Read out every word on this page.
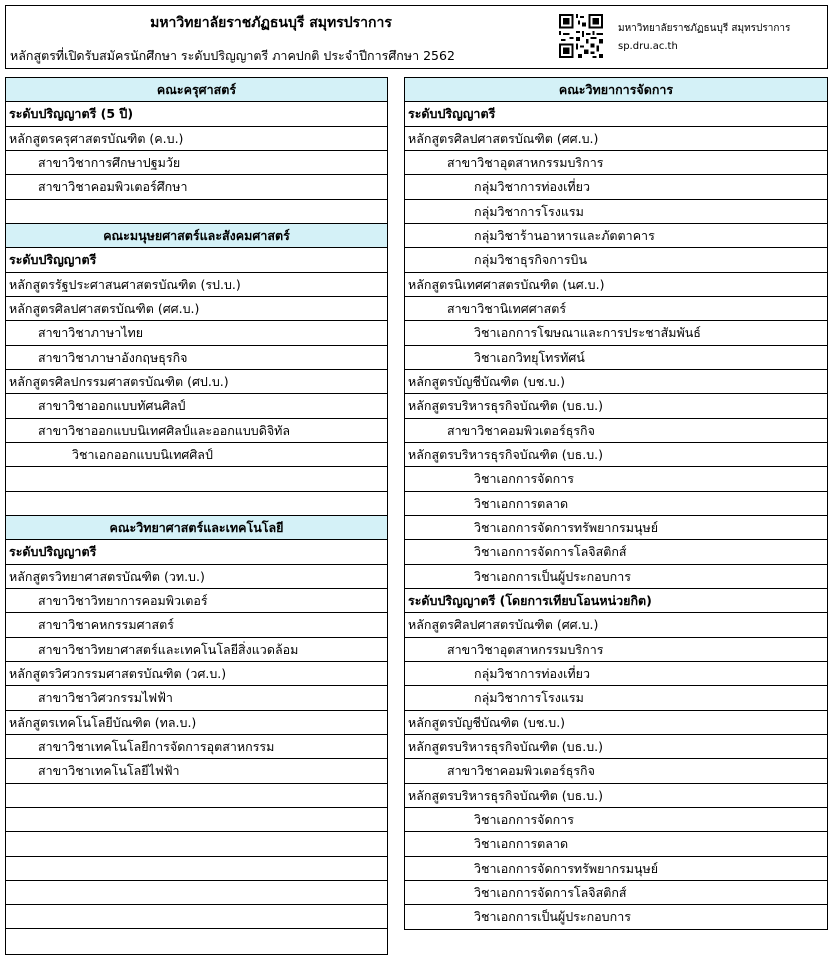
มหาวิทยาลัยราชภัฏธนบุรี สมุทรปราการ
หลักสูตรที่เปิดรับสมัครนักศึกษา ระดับปริญญาตรี ภาคปกติ ประจำปีการศึกษา 2562
มหาวิทยาลัยราชภัฏธนบุรี สมุทรปราการ
sp.dru.ac.th
คณะครุศาสตร์
ระดับปริญญาตรี (5 ปี)
หลักสูตรครุศาสตรบัณฑิต (ค.บ.)
สาขาวิชาการศึกษาปฐมวัย
สาขาวิชาคอมพิวเตอร์ศึกษา
คณะมนุษยศาสตร์และสังคมศาสตร์
ระดับปริญญาตรี
หลักสูตรรัฐประศาสนศาสตรบัณฑิต (รป.บ.)
หลักสูตรศิลปศาสตรบัณฑิต (ศศ.บ.)
สาขาวิชาภาษาไทย
สาขาวิชาภาษาอังกฤษธุรกิจ
หลักสูตรศิลปกรรมศาสตรบัณฑิต (ศป.บ.)
สาขาวิชาออกแบบทัศนศิลป์
สาขาวิชาออกแบบนิเทศศิลป์และออกแบบดิจิทัล
วิชาเอกออกแบบนิเทศศิลป์
คณะวิทยาศาสตร์และเทคโนโลยี
ระดับปริญญาตรี
หลักสูตรวิทยาศาสตรบัณฑิต (วท.บ.)
สาขาวิชาวิทยาการคอมพิวเตอร์
สาขาวิชาคหกรรมศาสตร์
สาขาวิชาวิทยาศาสตร์และเทคโนโลยีสิ่งแวดล้อม
หลักสูตรวิศวกรรมศาสตรบัณฑิต (วศ.บ.)
สาขาวิชาวิศวกรรมไฟฟ้า
หลักสูตรเทคโนโลยีบัณฑิต (ทล.บ.)
สาขาวิชาเทคโนโลยีการจัดการอุตสาหกรรม
สาขาวิชาเทคโนโลยีไฟฟ้า
คณะวิทยาการจัดการ
ระดับปริญญาตรี
หลักสูตรศิลปศาสตรบัณฑิต (ศศ.บ.)
สาขาวิชาอุตสาหกรรมบริการ
กลุ่มวิชาการท่องเที่ยว
กลุ่มวิชาการโรงแรม
กลุ่มวิชาร้านอาหารและภัตตาคาร
กลุ่มวิชาธุรกิจการบิน
หลักสูตรนิเทศศาสตรบัณฑิต (นศ.บ.)
สาขาวิชานิเทศศาสตร์
วิชาเอกการโฆษณาและการประชาสัมพันธ์
วิชาเอกวิทยุโทรทัศน์
หลักสูตรบัญชีบัณฑิต (บช.บ.)
หลักสูตรบริหารธุรกิจบัณฑิต (บธ.บ.)
สาขาวิชาคอมพิวเตอร์ธุรกิจ
หลักสูตรบริหารธุรกิจบัณฑิต (บธ.บ.)
วิชาเอกการจัดการ
วิชาเอกการตลาด
วิชาเอกการจัดการทรัพยากรมนุษย์
วิชาเอกการจัดการโลจิสติกส์
วิชาเอกการเป็นผู้ประกอบการ
ระดับปริญญาตรี (โดยการเทียบโอนหน่วยกิต)
หลักสูตรศิลปศาสตรบัณฑิต (ศศ.บ.)
สาขาวิชาอุตสาหกรรมบริการ
กลุ่มวิชาการท่องเที่ยว
กลุ่มวิชาการโรงแรม
หลักสูตรบัญชีบัณฑิต (บช.บ.)
หลักสูตรบริหารธุรกิจบัณฑิต (บธ.บ.)
สาขาวิชาคอมพิวเตอร์ธุรกิจ
หลักสูตรบริหารธุรกิจบัณฑิต (บธ.บ.)
วิชาเอกการจัดการ
วิชาเอกการตลาด
วิชาเอกการจัดการทรัพยากรมนุษย์
วิชาเอกการจัดการโลจิสติกส์
วิชาเอกการเป็นผู้ประกอบการ
